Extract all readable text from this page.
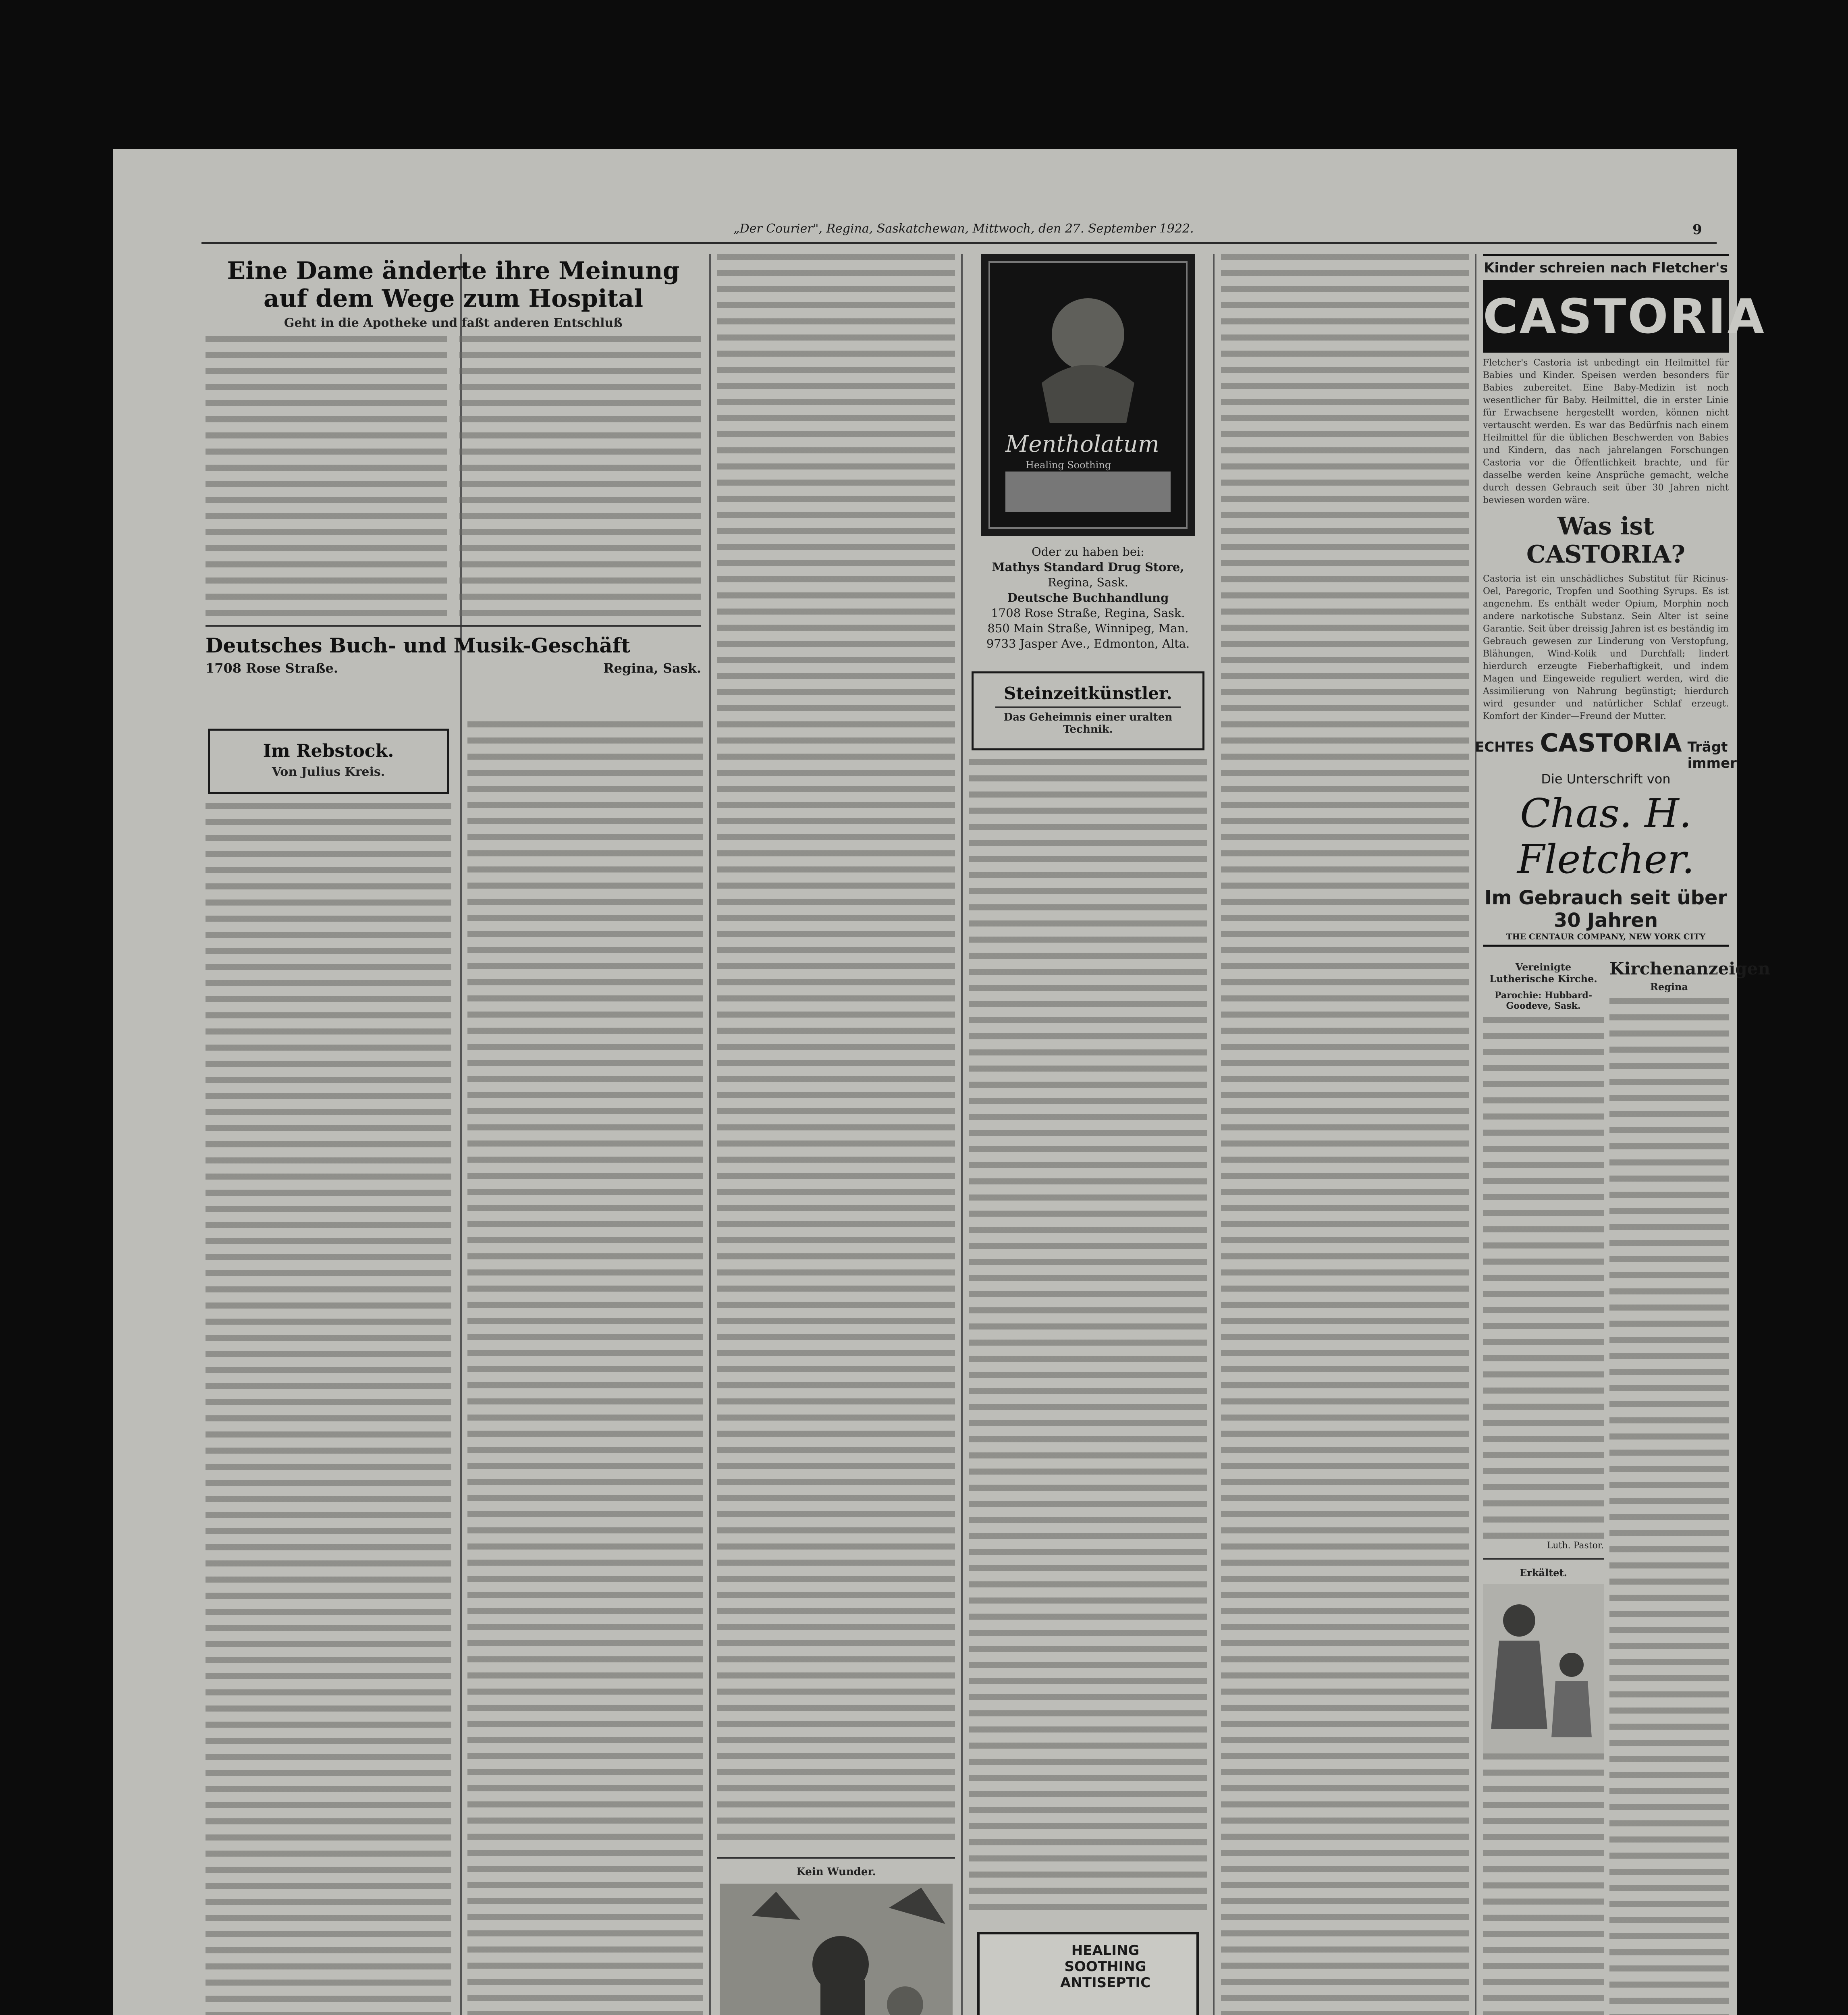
„Der Courier", Regina, Saskatchewan, Mittwoch, den 27. September 1922.	9
Eine Dame änderte ihre Meinung auf dem Wege zum Hospital
Geht in die Apotheke und faßt anderen Entschluß
Deutsches Buch- und Musik-Geschäft
1708 Rose Straße.	Regina, Sask.
Im Rebstock.
Von Julius Kreis.
Kein Wunder.
Mentholatum
Healing Soothing
Oder zu haben bei:
Mathys Standard Drug Store,
Regina, Sask.
Deutsche Buchhandlung
1708 Rose Straße, Regina, Sask.
850 Main Straße, Winnipeg, Man.
9733 Jasper Ave., Edmonton, Alta.
Steinzeitkünstler.
Das Geheimnis einer uralten Technik.
HEALING
SOOTHING
ANTISEPTIC

Kinder schreien nach Fletcher's
CASTORIA

Fletcher's Castoria ist unbedingt ein Heilmittel für Babies und Kinder. Speisen werden besonders für Babies zubereitet. Eine Baby-Medizin ist noch wesentlicher für Baby. Heilmittel, die in erster Linie für Erwachsene hergestellt worden, können nicht vertauscht werden. Es war das Bedürfnis nach einem Heilmittel für die üblichen Beschwerden von Babies und Kindern, das nach jahrelangen Forschungen Castoria vor die Öffentlichkeit brachte, und für dasselbe werden keine Ansprüche gemacht, welche durch dessen Gebrauch seit über 30 Jahren nicht bewiesen worden wäre.

Was ist CASTORIA?

Castoria ist ein unschädliches Substitut für Ricinus-Oel, Paregoric, Tropfen und Soothing Syrups. Es ist angenehm. Es enthält weder Opium, Morphin noch andere narkotische Substanz. Sein Alter ist seine Garantie. Seit über dreissig Jahren ist es beständig im Gebrauch gewesen zur Linderung von Verstopfung, Blähungen, Wind-Kolik und Durchfall; lindert hierdurch erzeugte Fieberhaftigkeit, und indem Magen und Eingeweide reguliert werden, wird die Assimilierung von Nahrung begünstigt; hierdurch wird gesunder und natürlicher Schlaf erzeugt. Komfort der Kinder—Freund der Mutter.

ECHTES CASTORIA Trägt immer
Die Unterschrift von
Chas. H. Fletcher.
Im Gebrauch seit über 30 Jahren
THE CENTAUR COMPANY, NEW YORK CITY
Vereinigte Lutherische Kirche.
Parochie: Hubbard-Goodeve, Sask.
Luth. Pastor.
Erkältet.
Kirchenanzeigen
Regina
